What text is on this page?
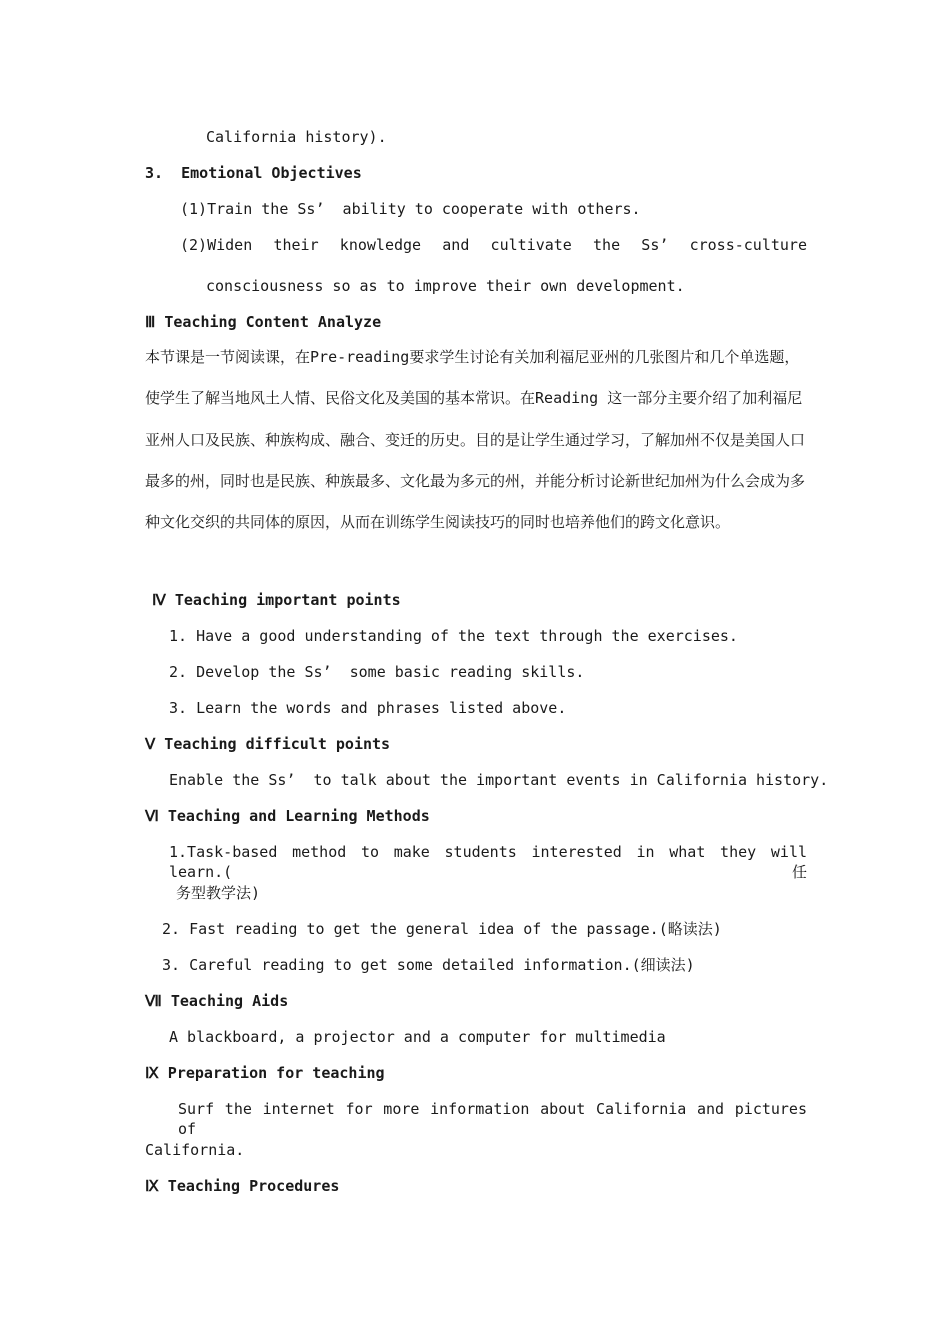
California history).
3.  Emotional Objectives
(1)Train the Ss’  ability to cooperate with others.
(2)Widen their knowledge and cultivate the Ss’ cross-culture
consciousness so as to improve their own development.
Ⅲ Teaching Content Analyze
本节课是一节阅读课，在Pre-reading要求学生讨论有关加利福尼亚州的几张图片和几个单选题，使学生了解当地风土人情、民俗文化及美国的基本常识。在Reading 这一部分主要介绍了加利福尼亚州人口及民族、种族构成、融合、变迁的历史。目的是让学生通过学习，了解加州不仅是美国人口最多的州，同时也是民族、种族最多、文化最为多元的州，并能分析讨论新世纪加州为什么会成为多种文化交织的共同体的原因，从而在训练学生阅读技巧的同时也培养他们的跨文化意识。
Ⅳ Teaching important points
1. Have a good understanding of the text through the exercises.
2. Develop the Ss’  some basic reading skills.
3. Learn the words and phrases listed above.
Ⅴ Teaching difficult points
Enable the Ss’  to talk about the important events in California history.
Ⅵ Teaching and Learning Methods
1.Task-based method to make students interested in what they will learn.(任
务型教学法)
2. Fast reading to get the general idea of the passage.(略读法)
3. Careful reading to get some detailed information.(细读法)
Ⅶ Teaching Aids
A blackboard, a projector and a computer for multimedia
Ⅸ Preparation for teaching
Surf the internet for more information about California and pictures of
California.
Ⅸ Teaching Procedures
